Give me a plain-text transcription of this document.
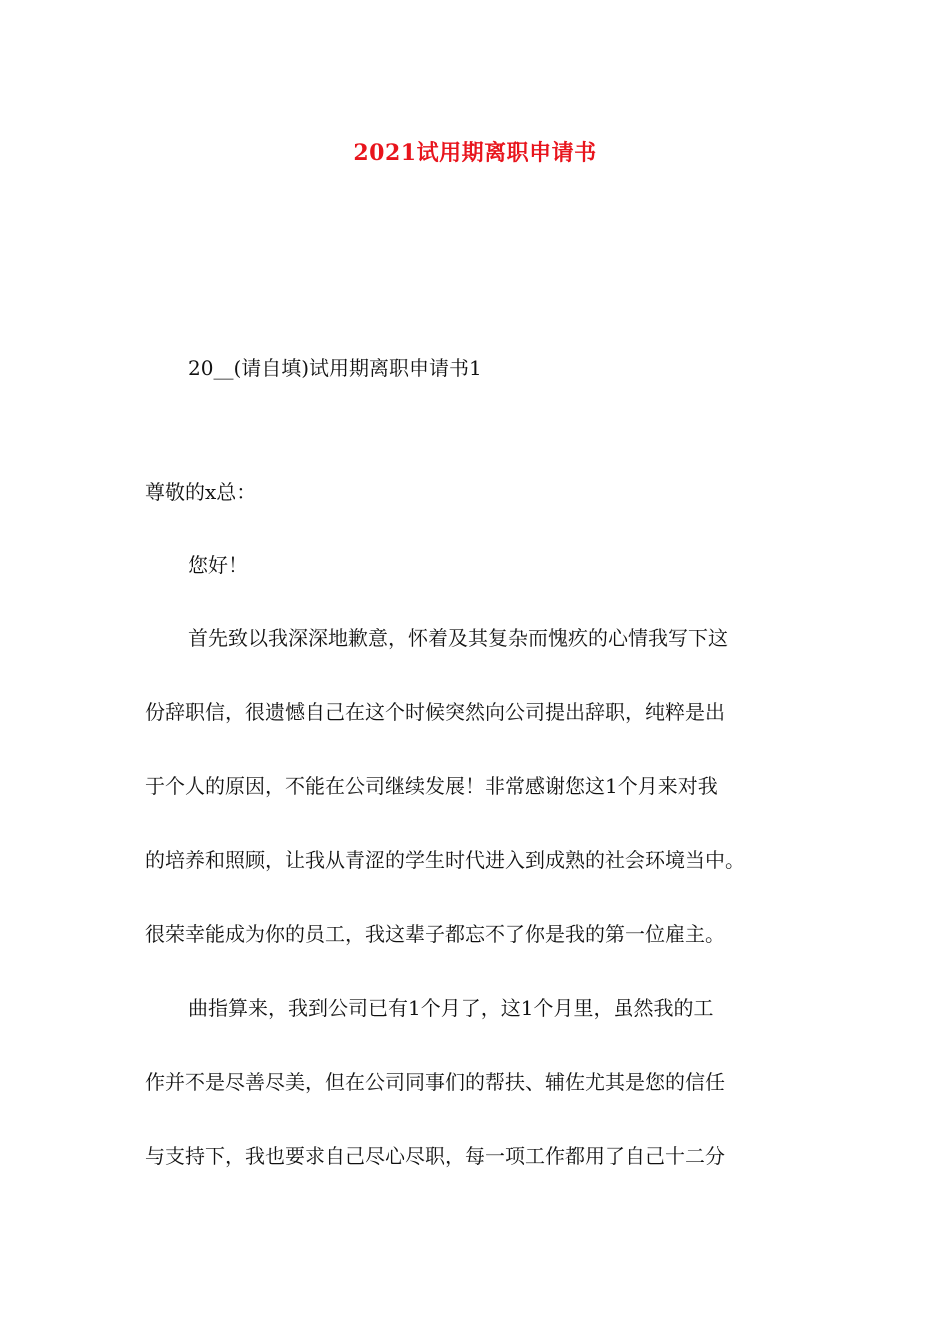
2021试用期离职申请书
20__(请自填)试用期离职申请书1
尊敬的x总：
您好！
首先致以我深深地歉意，怀着及其复杂而愧疚的心情我写下这
份辞职信，很遗憾自己在这个时候突然向公司提出辞职，纯粹是出
于个人的原因，不能在公司继续发展！非常感谢您这1个月来对我
的培养和照顾，让我从青涩的学生时代进入到成熟的社会环境当中。
很荣幸能成为你的员工，我这辈子都忘不了你是我的第一位雇主。
曲指算来，我到公司已有1个月了，这1个月里，虽然我的工
作并不是尽善尽美，但在公司同事们的帮扶、辅佐尤其是您的信任
与支持下，我也要求自己尽心尽职，每一项工作都用了自己十二分
